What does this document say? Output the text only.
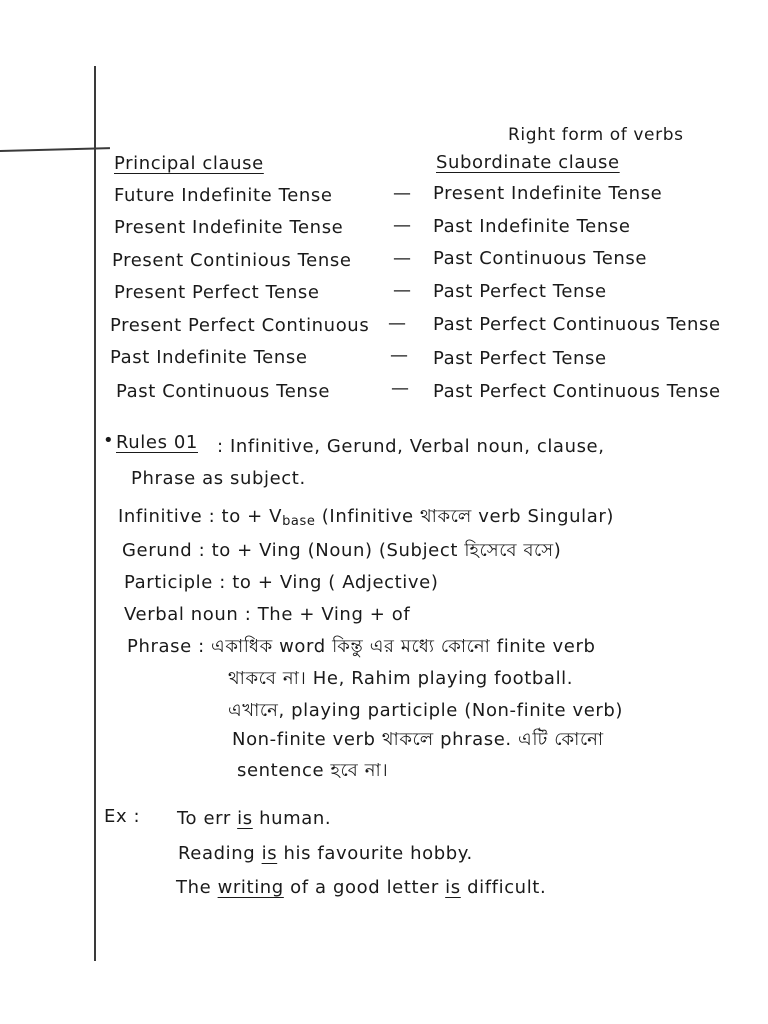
Right form of verbs
Principal clause	Subordinate clause
Future Indefinite Tense	— Present Indefinite Tense
Present Indefinite Tense	— Past Indefinite Tense
Present Continious Tense — Past Continuous Tense
Present Perfect Tense	— Past Perfect Tense
Present Perfect Continuous — Past Perfect Continuous Tense
Past Indefinite Tense	— Past Perfect Tense
Past Continuous Tense	— Past Perfect Continuous Tense
• Rules 01 : Infinitive, Gerund, Verbal noun, clause,
Phrase as subject.
Infinitive : to + Vbase (Infinitive থাকলে verb Singular)
Gerund : to + Ving (Noun) (Subject হিসেবে বসে)
Participle : to + Ving ( Adjective)
Verbal noun : The + Ving + of
Phrase : একাধিক word কিন্তু এর মধ্যে কোনো finite verb
থাকবে না। He, Rahim playing football.
এখানে, playing participle (Non-finite verb)
Non-finite verb থাকলে phrase. এটি কোনো
sentence হবে না।
Ex : To err is human.
Reading is his favourite hobby.
The writing of a good letter is difficult.
